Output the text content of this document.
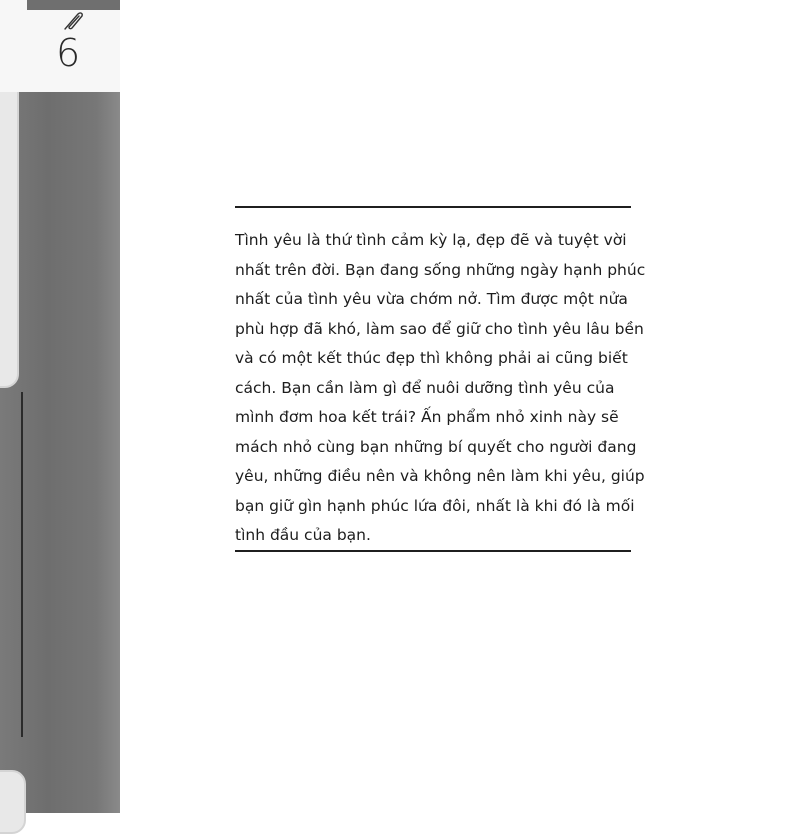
6

Tình yêu là thứ tình cảm kỳ lạ, đẹp đẽ và tuyệt vời
nhất trên đời. Bạn đang sống những ngày hạnh phúc
nhất của tình yêu vừa chớm nở. Tìm được một nửa
phù hợp đã khó, làm sao để giữ cho tình yêu lâu bền
và có một kết thúc đẹp thì không phải ai cũng biết
cách. Bạn cần làm gì để nuôi dưỡng tình yêu của
mình đơm hoa kết trái? Ấn phẩm nhỏ xinh này sẽ
mách nhỏ cùng bạn những bí quyết cho người đang
yêu, những điều nên và không nên làm khi yêu, giúp
bạn giữ gìn hạnh phúc lứa đôi, nhất là khi đó là mối
tình đầu của bạn.
